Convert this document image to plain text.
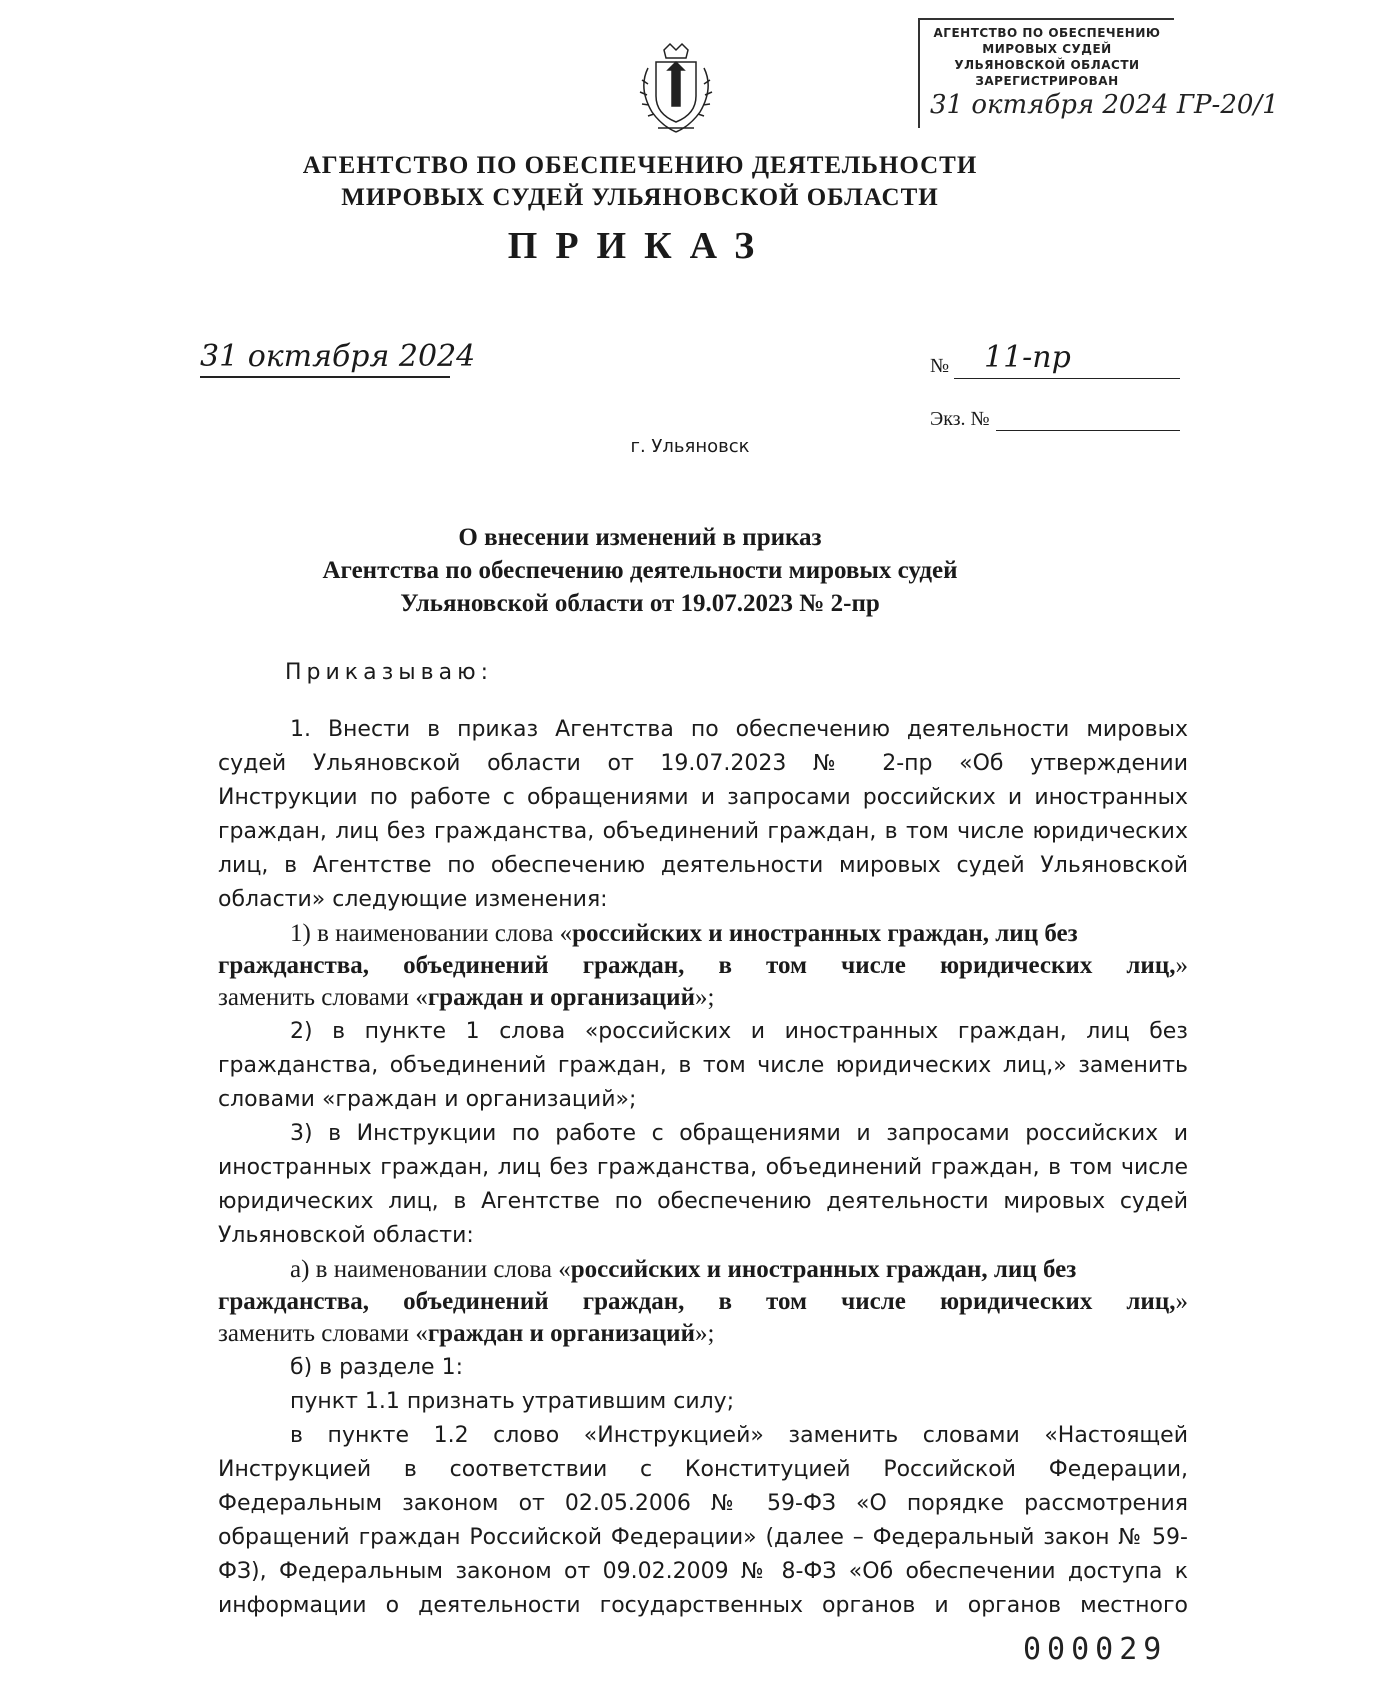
АГЕНТСТВО ПО ОБЕСПЕЧЕНИЮ
МИРОВЫХ СУДЕЙ
УЛЬЯНОВСКОЙ ОБЛАСТИ
ЗАРЕГИСТРИРОВАН
31 октября 2024 ГР-20/1
АГЕНТСТВО ПО ОБЕСПЕЧЕНИЮ ДЕЯТЕЛЬНОСТИ
МИРОВЫХ СУДЕЙ УЛЬЯНОВСКОЙ ОБЛАСТИ
ПРИКАЗ
31 октября 2024	№ 11-пр
Экз. №
г. Ульяновск
О внесении изменений в приказ
Агентства по обеспечению деятельности мировых судей
Ульяновской области от 19.07.2023 № 2-пр
Приказываю:
1. Внести в приказ Агентства по обеспечению деятельности мировых
судей Ульяновской области от 19.07.2023 № 2-пр «Об утверждении
Инструкции по работе с обращениями и запросами российских и иностранных
граждан, лиц без гражданства, объединений граждан, в том числе юридических
лиц, в Агентстве по обеспечению деятельности мировых судей Ульяновской
области» следующие изменения:
1) в наименовании слова «российских и иностранных граждан, лиц без
гражданства, объединений граждан, в том числе юридических лиц,»
заменить словами «граждан и организаций»;
2) в пункте 1 слова «российских и иностранных граждан, лиц без
гражданства, объединений граждан, в том числе юридических лиц,» заменить
словами «граждан и организаций»;
3) в Инструкции по работе с обращениями и запросами российских и
иностранных граждан, лиц без гражданства, объединений граждан, в том числе
юридических лиц, в Агентстве по обеспечению деятельности мировых судей
Ульяновской области:
а) в наименовании слова «российских и иностранных граждан, лиц без
гражданства, объединений граждан, в том числе юридических лиц,»
заменить словами «граждан и организаций»;
б) в разделе 1:
пункт 1.1 признать утратившим силу;
в пункте 1.2 слово «Инструкцией» заменить словами «Настоящей
Инструкцией в соответствии с Конституцией Российской Федерации,
Федеральным законом от 02.05.2006 № 59-ФЗ «О порядке рассмотрения
обращений граждан Российской Федерации» (далее – Федеральный закон № 59-
ФЗ), Федеральным законом от 09.02.2009 № 8-ФЗ «Об обеспечении доступа к
информации о деятельности государственных органов и органов местного
000029
